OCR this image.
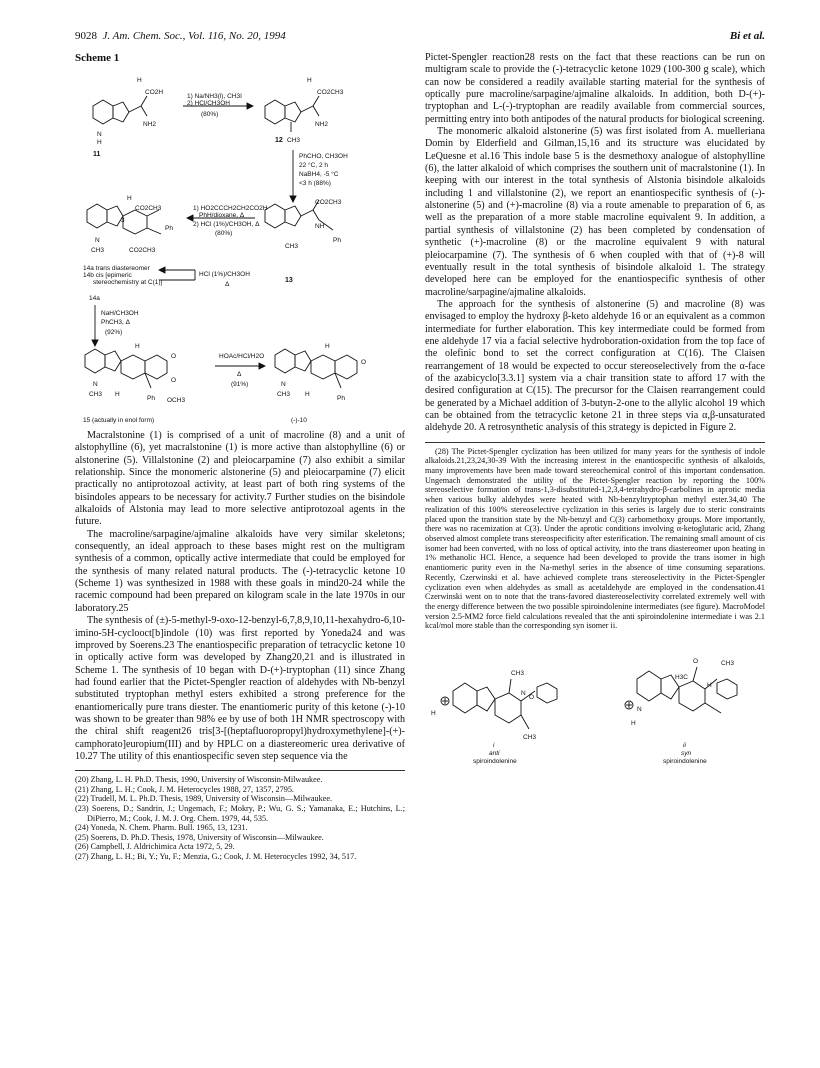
9028 J. Am. Chem. Soc., Vol. 116, No. 20, 1994	Bi et al.
Scheme 1
H
CO2H
NH2
N
H
11
1) Na/NH3(l), CH3I
2) HCl/CH3OH
(80%)
H
CO2CH3
NH2
12 CH3
PhCHO, CH3OH
22 °C, 2 h
NaBH4, -5 °C
<3 h (88%)
CO2CH3
NH
Ph
CH3
13
1) HO2CCCH2CH2CO2H
PhH/dioxane, Δ
2) HCl (1%)/CH3OH, Δ
(80%)
H
CO2CH3
3
Ph
N
CH3	CO2CH3
14a trans diastereomer
14b cis [epimeric
stereochemistry at C(1)]
HCl (1%)/CH3OH
Δ
14a
NaH/CH3OH
PhCH3, Δ
(92%)
H
O
O
N
CH3 H
Ph OCH3
15 (actually in enol form)
HOAc/HCl/H2O
Δ
(91%)
H
O
N
CH3 H
Ph
(-)-10

Macralstonine (1) is comprised of a unit of macroline (8) and a unit of alstophylline (6), yet macralstonine (1) is more active than alstophylline (6) or alstonerine (5). Villalstonine (2) and pleiocarpamine (7) also exhibit a similar relationship. Since the monomeric alstonerine (5) and pleiocarpamine (7) elicit practically no antiprotozoal activity, at least part of both ring systems of the bisindoles appears to be necessary for activity.7 Further studies on the bisindole alkaloids of Alstonia may lead to more selective antiprotozoal agents in the future.

The macroline/sarpagine/ajmaline alkaloids have very similar skeletons; consequently, an ideal approach to these bases might rest on the multigram synthesis of a common, optically active intermediate that could be employed for the synthesis of many related natural products. The (-)-tetracyclic ketone 10 (Scheme 1) was synthesized in 1988 with these goals in mind20-24 while the racemic compound had been prepared on kilogram scale in the late 1970s in our laboratory.25

The synthesis of (±)-5-methyl-9-oxo-12-benzyl-6,7,8,9,10,11-hexahydro-6,10-imino-5H-cyclooct[b]indole (10) was first reported by Yoneda24 and was improved by Soerens.23 The enantiospecific preparation of tetracyclic ketone 10 in optically active form was developed by Zhang20,21 and is illustrated in Scheme 1. The synthesis of 10 began with D-(+)-tryptophan (11) since Zhang had found earlier that the Pictet-Spengler reaction of aldehydes with Nb-benzyl substituted tryptophan methyl esters exhibited a strong preference for the enantiomerically pure trans diester. The enantiomeric purity of this ketone (-)-10 was shown to be greater than 98% ee by use of both 1H NMR spectroscopy with the chiral shift reagent26 tris[3-[(heptafluoropropyl)hydroxymethylene]-(+)-camphorato]europium(III) and by HPLC on a diastereomeric urea derivative of 10.27 The utility of this enantiospecific seven step sequence via the

(20) Zhang, L. H. Ph.D. Thesis, 1990, University of Wisconsin-Milwaukee.

(21) Zhang, L. H.; Cook, J. M. Heterocycles 1988, 27, 1357, 2795.

(22) Trudell, M. L. Ph.D. Thesis, 1989, University of Wisconsin—Milwaukee.

(23) Soerens, D.; Sandrin, J.; Ungemach, F.; Mokry, P.; Wu, G. S.; Yamanaka, E.; Hutchins, L.; DiPierro, M.; Cook, J. M. J. Org. Chem. 1979, 44, 535.

(24) Yoneda, N. Chem. Pharm. Bull. 1965, 13, 1231.

(25) Soerens, D. Ph.D. Thesis, 1978, University of Wisconsin—Milwaukee.

(26) Campbell, J. Aldrichimica Acta 1972, 5, 29.

(27) Zhang, L. H.; Bi, Y.; Yu, F.; Menzia, G.; Cook, J. M. Heterocycles 1992, 34, 517.

Pictet-Spengler reaction28 rests on the fact that these reactions can be run on multigram scale to provide the (-)-tetracyclic ketone 1029 (100-300 g scale), which can now be considered a readily available starting material for the synthesis of optically pure macroline/sarpagine/ajmaline alkaloids. In addition, both D-(+)-tryptophan and L-(-)-tryptophan are readily available from commercial sources, permitting entry into both antipodes of the natural products for biological screening.

The monomeric alkaloid alstonerine (5) was first isolated from A. muelleriana Domin by Elderfield and Gilman,15,16 and its structure was elucidated by LeQuesne et al.16 This indole base 5 is the desmethoxy analogue of alstophylline (6), the latter alkaloid of which comprises the southern unit of macralstonine (1). In keeping with our interest in the total synthesis of Alstonia bisindole alkaloids including 1 and villalstonine (2), we report an enantiospecific synthesis of (-)-alstonerine (5) and (+)-macroline (8) via a route amenable to preparation of 6, as well as the preparation of a more stable macroline equivalent 9. In addition, a partial synthesis of villalstonine (2) has been completed by condensation of synthetic (+)-macroline (8) or the macroline equivalent 9 with natural pleiocarpamine (7). The synthesis of 6 when coupled with that of (+)-8 will eventually result in the total synthesis of bisindole alkaloid 1. The strategy developed here can be employed for the enantiospecific synthesis of other macroline/sarpagine/ajmaline alkaloids.

The approach for the synthesis of alstonerine (5) and macroline (8) was envisaged to employ the hydroxy β-keto aldehyde 16 or an equivalent as a common intermediate for further elaboration. This key intermediate could be formed from ene aldehyde 17 via a facial selective hydroboration-oxidation from the top face of the olefinic bond to set the correct configuration at C(16). The Claisen rearrangement of 18 would be expected to occur stereoselectively from the α-face of the azabicyclo[3.3.1] system via a chair transition state to afford 17 with the desired configuration at C(15). The precursor for the Claisen rearrangement could be generated by a Michael addition of 3-butyn-2-one to the allylic alcohol 19 which can be obtained from the tetracyclic ketone 21 in three steps via α,β-unsaturated aldehyde 20. A retrosynthetic analysis of this strategy is depicted in Figure 2.

(28) The Pictet-Spengler cyclization has been utilized for many years for the synthesis of indole alkaloids.21,23,24,30-39 With the increasing interest in the enantiospecific synthesis of alkaloids, many improvements have been made toward stereochemical control of this important condensation. Ungemach demonstrated the utility of the Pictet-Spengler reaction by reporting the 100% stereoselective formation of trans-1,3-disubstituted-1,2,3,4-tetrahydro-β-carbolines in aprotic media when various bulky aldehydes were heated with Nb-benzyltryptophan methyl ester.34,40 The realization of this 100% stereoselective cyclization in this series is largely due to steric constraints placed upon the transition state by the Nb-benzyl and C(3) carbomethoxy groups. More importantly, there was no racemization at C(3). Under the aprotic conditions involving α-ketoglutaric acid, Zhang observed almost complete trans stereospecificity after esterification. The remaining small amount of cis isomer had been converted, with no loss of optical activity, into the trans diastereomer upon heating in 1% methanolic HCl. Hence, a sequence had been developed to provide the trans isomer in high enantiomeric purity even in the Na-methyl series in the absence of time consuming separations. Recently, Czerwinski et al. have achieved complete trans stereoselectivity in the Pictet-Spengler cyclization even when aldehydes as small as acetaldehyde are employed in the condensation.41 Czerwinski went on to note that the trans-favored diastereoselectivity correlated extremely well with the energy difference between the two possible spiroindolenine intermediates (see figure). MacroModel version 2.5-MM2 force field calculations revealed that the anti spiroindolenine intermediate i was 2.1 kcal/mol more stable than the corresponding syn isomer ii.

CH3
O
N
H
CH3
i
anti
spiroindolenine
CH3
O
H3C
H
N
H
ii
syn
spiroindolenine
